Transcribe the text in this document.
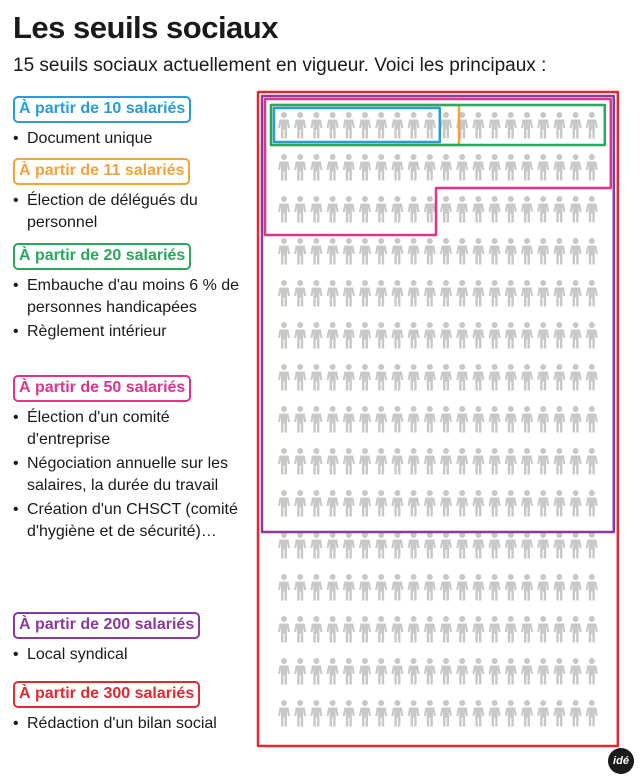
Les seuils sociaux

15 seuils sociaux actuellement en vigueur. Voici les principaux :

À partir de 10 salariés
• Document unique
À partir de 11 salariés
• Élection de délégués du personnel
À partir de 20 salariés
• Embauche d'au moins 6 % de personnes handicapées
• Règlement intérieur
À partir de 50 salariés
• Élection d'un comité d'entreprise
• Négociation annuelle sur les salaires, la durée du travail
• Création d'un CHSCT (comité d'hygiène et de sécurité)…
À partir de 200 salariés
• Local syndical
À partir de 300 salariés
• Rédaction d'un bilan social
idé
